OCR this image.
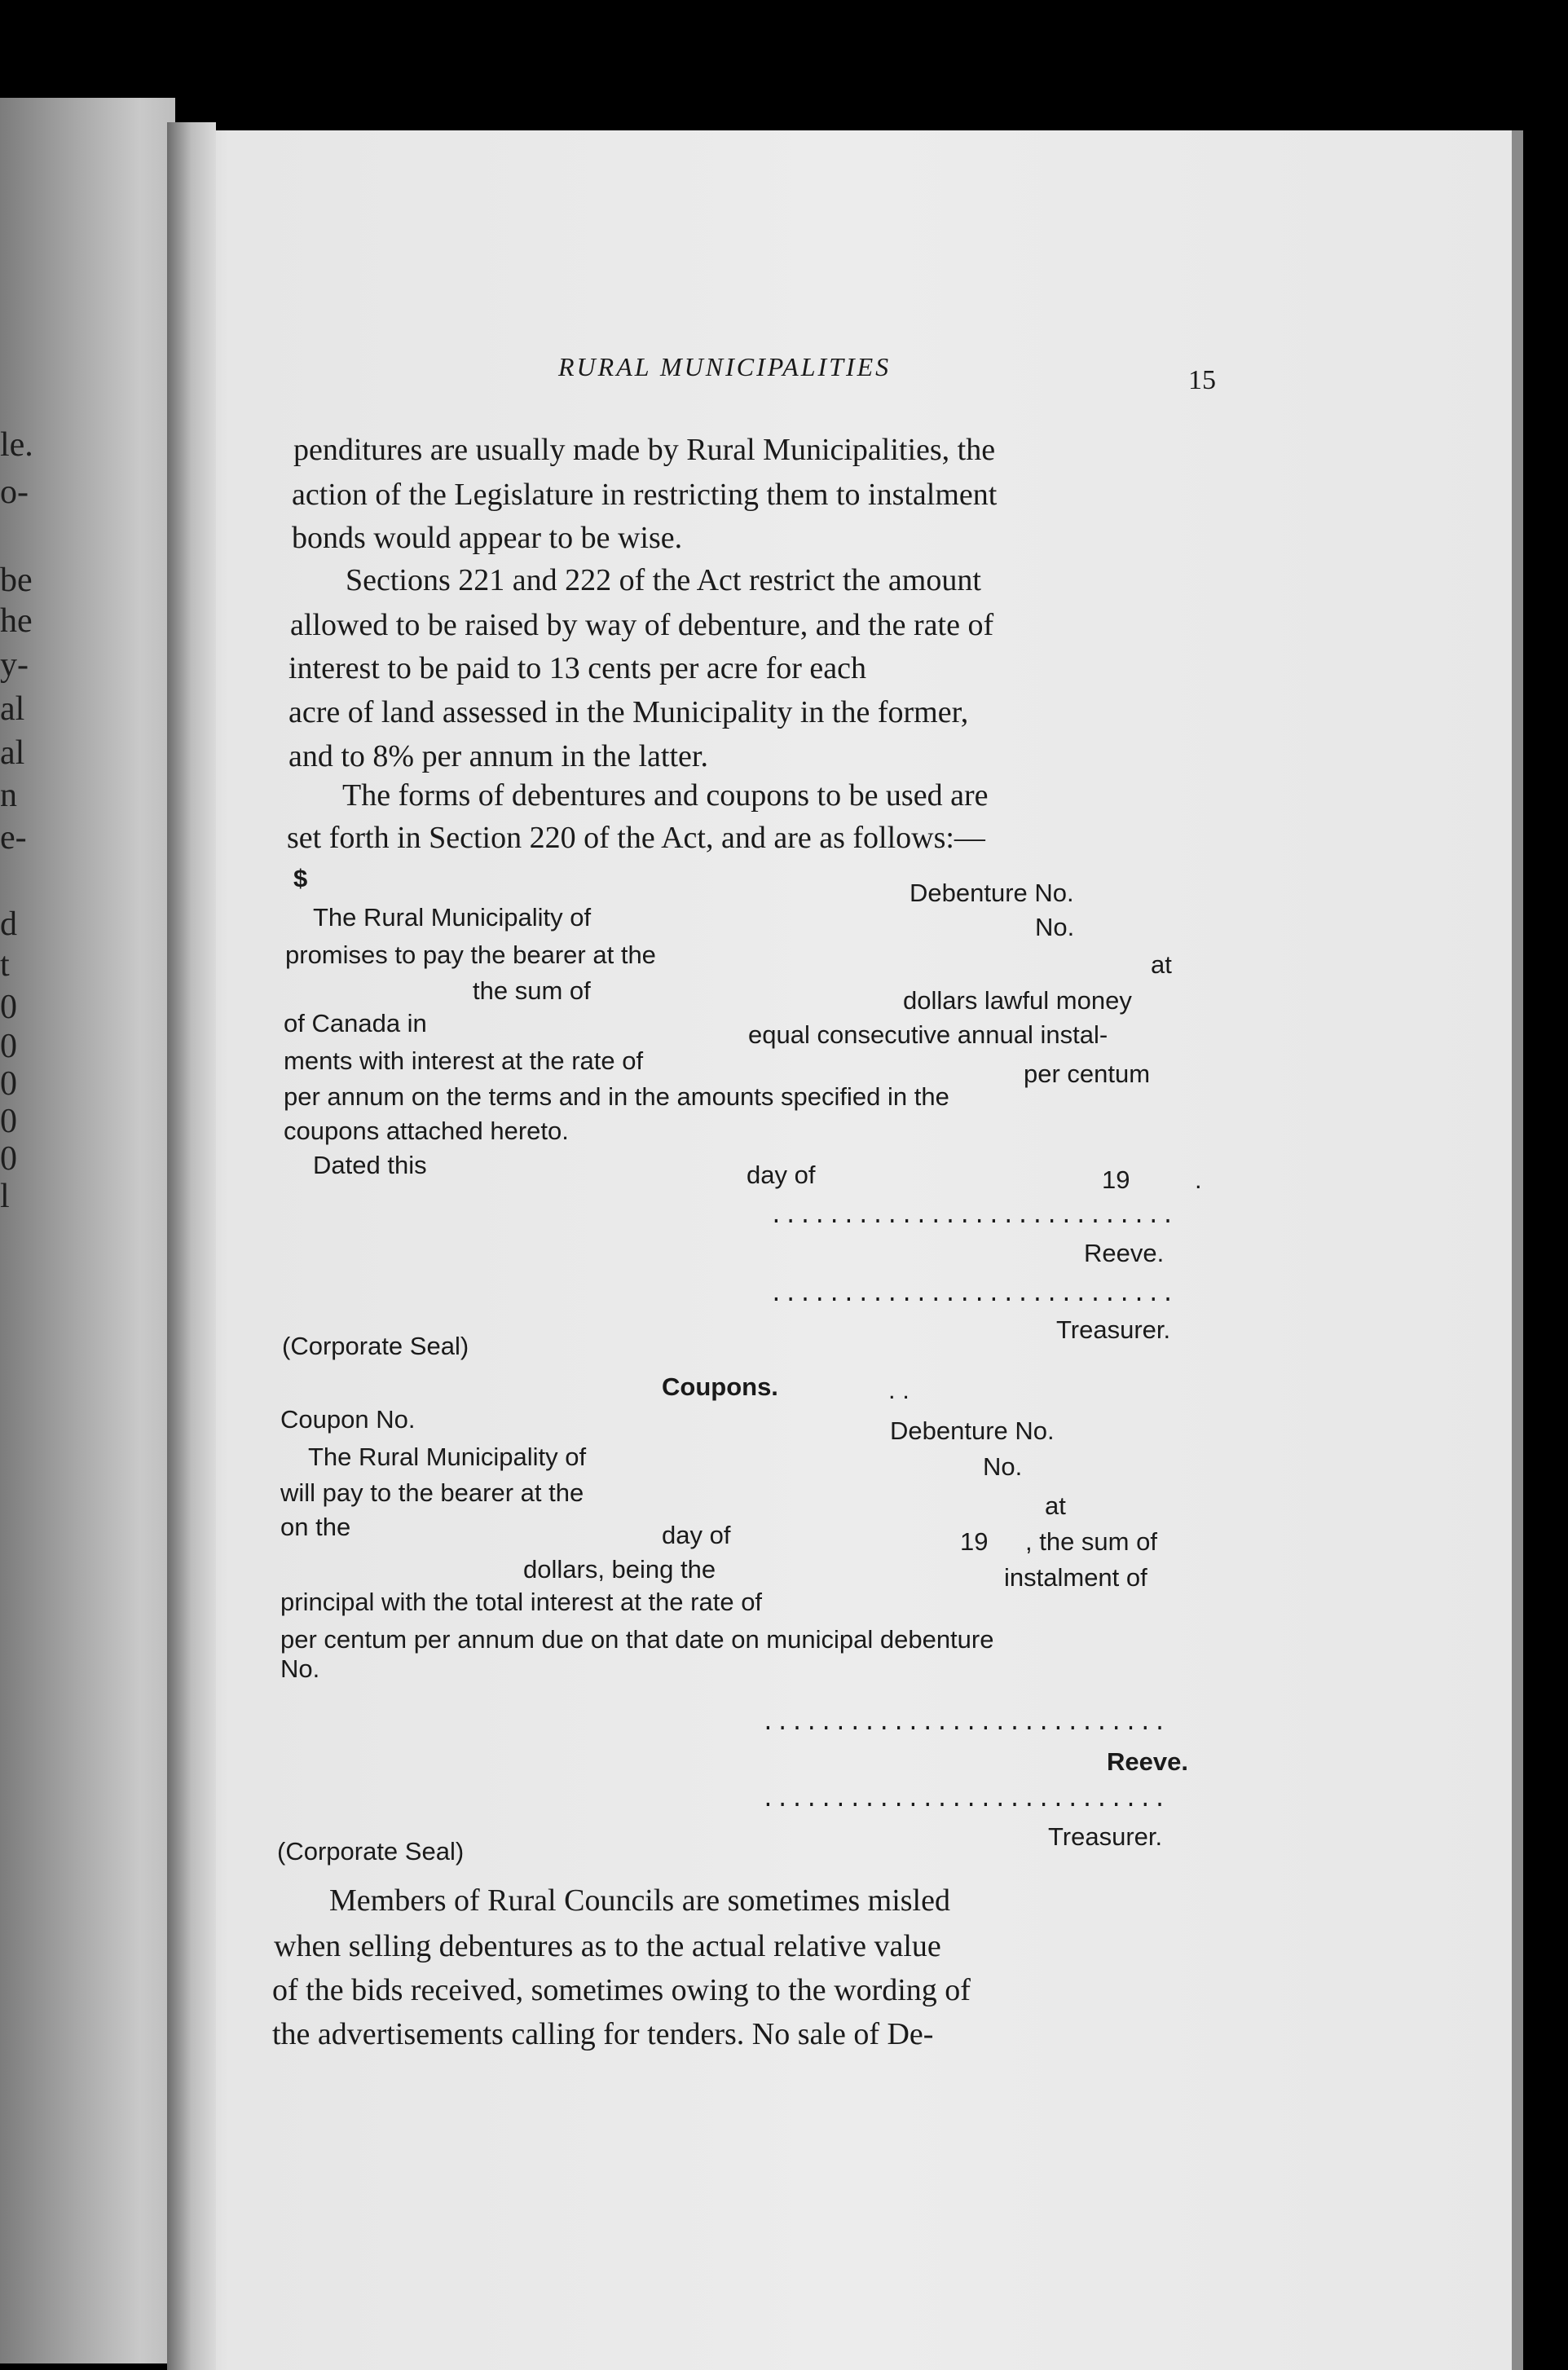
le.
o-
be
he
y-
al
al
n
e-
d
t
0
0
0
0
0
l
RURAL MUNICIPALITIES	15
penditures are usually made by Rural Municipalities, the
action of the Legislature in restricting them to instalment
bonds would appear to be wise.
Sections 221 and 222 of the Act restrict the amount
allowed to be raised by way of debenture, and the rate of
interest to be paid to 13 cents per acre for each
acre of land assessed in the Municipality in the former,
and to 8% per annum in the latter.
The forms of debentures and coupons to be used are
set forth in Section 220 of the Act, and are as follows:—
$
Debenture No.
The Rural Municipality of	No.
promises to pay the bearer at the	at
the sum of	dollars lawful money
of Canada in	equal consecutive annual instal-
ments with interest at the rate of	per centum
per annum on the terms and in the amounts specified in the
coupons attached hereto.
Dated this	day of	19	.
............................
Reeve.
............................
Treasurer.
(Corporate Seal)
Coupons.	. .
Coupon No.	Debenture No.
The Rural Municipality of	No.
will pay to the bearer at the	at
on the	day of	19 , the sum of
dollars, being the	instalment of
principal with the total interest at the rate of
per centum per annum due on that date on municipal debenture
No.
............................
Reeve.
............................
Treasurer.
(Corporate Seal)
Members of Rural Councils are sometimes misled
when selling debentures as to the actual relative value
of the bids received, sometimes owing to the wording of
the advertisements calling for tenders. No sale of De-
